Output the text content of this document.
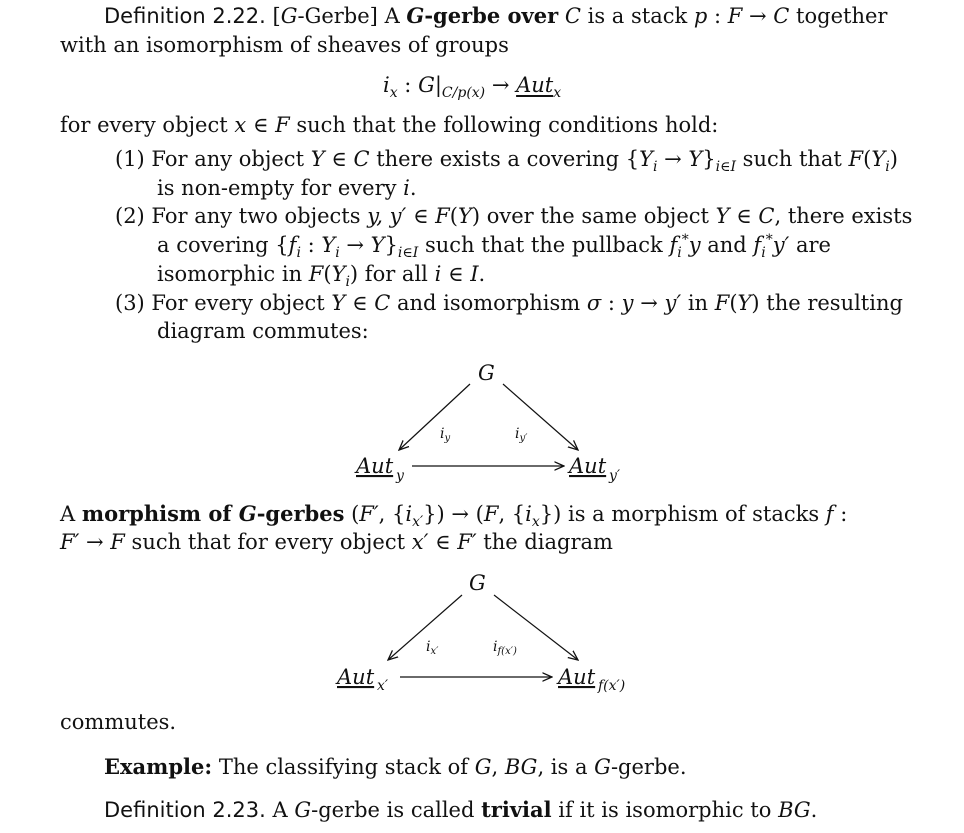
Definition 2.22. [G-Gerbe] A G-gerbe over C is a stack p : F → C together
with an isomorphism of sheaves of groups
$i_x$ : $G|_{C/p(x)} \to Aut_x$
for every object x ∈ F such that the following conditions hold:
(1) For any object Y ∈ C there exists a covering $\{Y_i \to Y\}_{i\in I}$ such that $F(Y_i)$
is non-empty for every i.
(2) For any two objects y, y′ ∈ F(Y) over the same object Y ∈ C, there exists
a covering {$f_i$ : $Y_i \to Y\}_{i\in I}$ such that the pullback $f_i^*y$ and $f_i^*y'$ are
isomorphic in $F(Y_i)$ for all i ∈ I.
(3) For every object Y ∈ C and isomorphism σ : y → y′ in F(Y) the resulting
diagram commutes:
G
$i_y$	$i_{y'}$
Aut y	Aut y′
A morphism of G-gerbes (F′, $\{i_{x'}\}) \to (F$, $\{i_x\}$) is a morphism of stacks f :
F′ → F such that for every object x′ ∈ F′ the diagram
G
$i_{x'}$	$i_{f(x')}$
Aut x′	Aut f(x′)
commutes.
Example: The classifying stack of G, BG, is a G-gerbe.
Definition 2.23. A G-gerbe is called trivial if it is isomorphic to BG.
